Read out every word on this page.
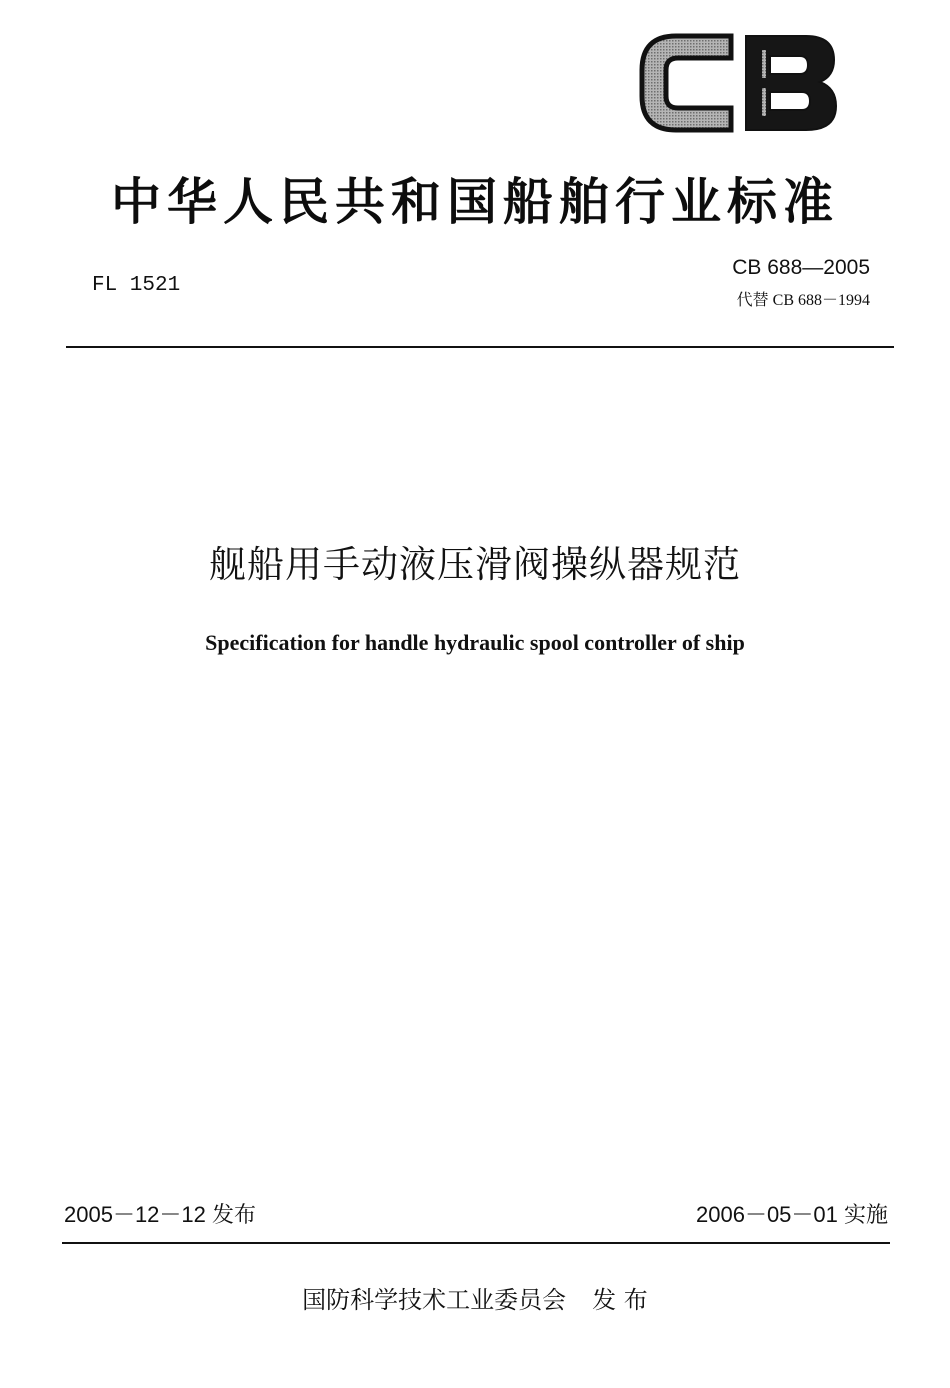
中华人民共和国船舶行业标准
FL 1521
CB 688—2005
代替 CB 688－1994
舰船用手动液压滑阀操纵器规范
Specification for handle hydraulic spool controller of ship
2005－12－12 发布	2006－05－01 实施
国防科学技术工业委员会 发 布
